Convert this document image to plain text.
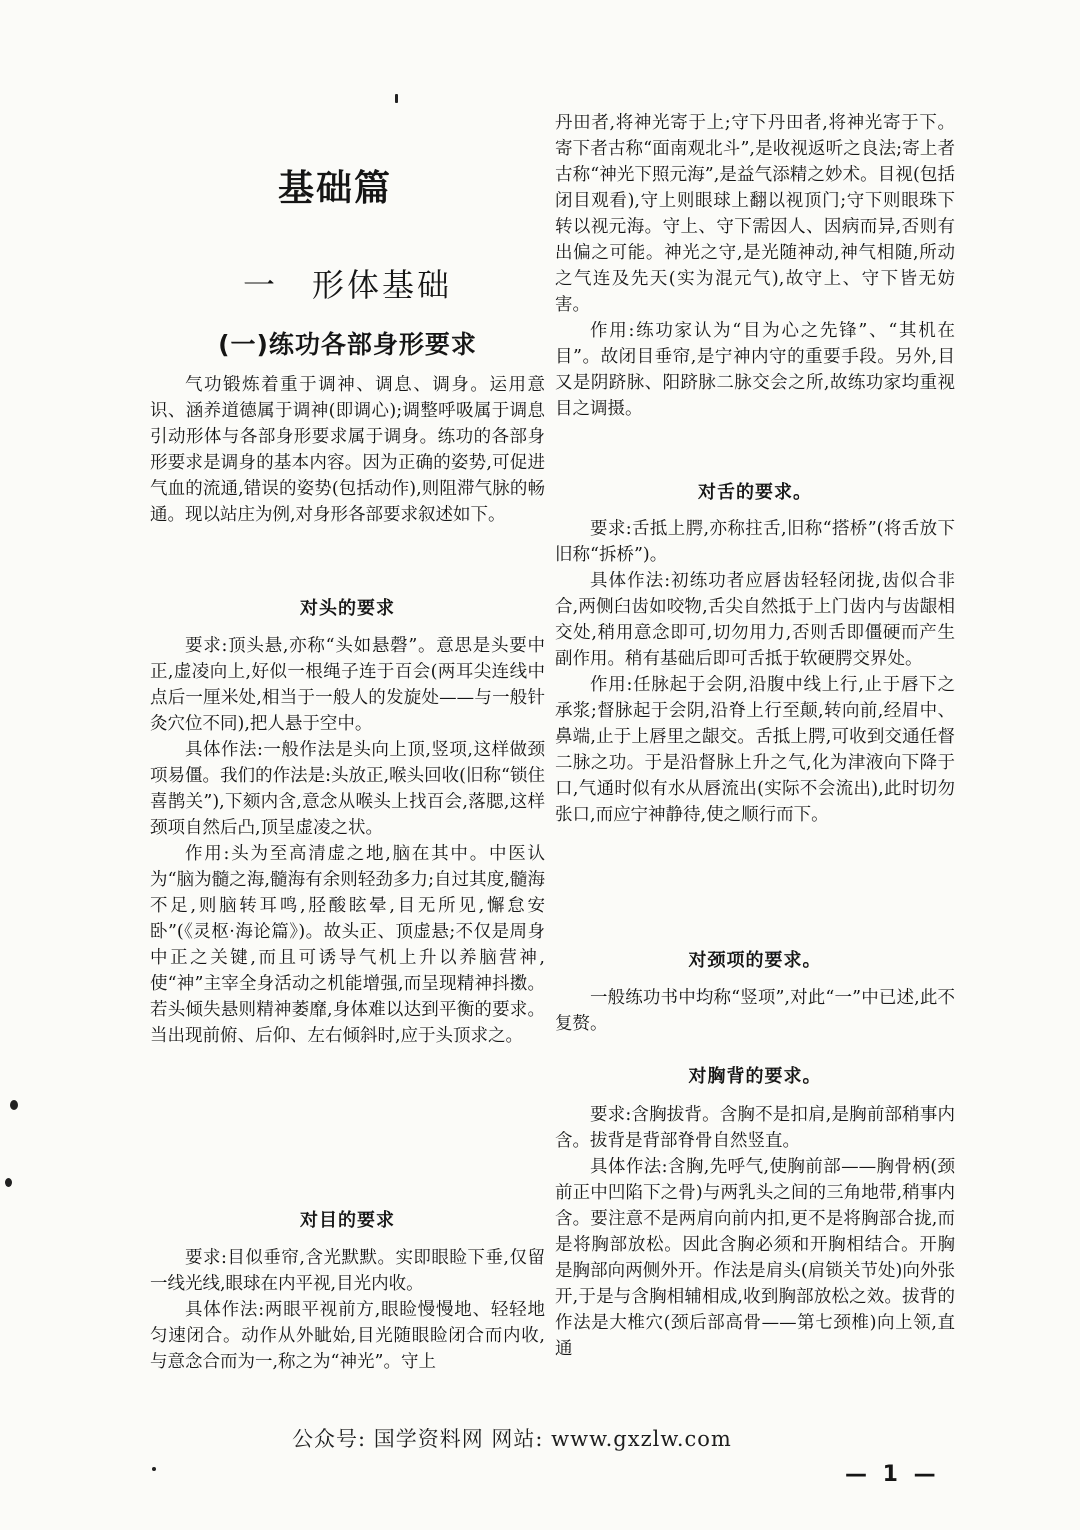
基础篇
一 形体基础
(一)练功各部身形要求

气功锻炼着重于调神、调息、调身。运用意识、涵养道德属于调神(即调心);调整呼吸属于调息引动形体与各部身形要求属于调身。练功的各部身形要求是调身的基本内容。因为正确的姿势,可促进气血的流通,错误的姿势(包括动作),则阻滞气脉的畅通。现以站庄为例,对身形各部要求叙述如下。

对头的要求

要求:顶头悬,亦称“头如悬磬”。意思是头要中正,虚凌向上,好似一根绳子连于百会(两耳尖连线中点后一厘米处,相当于一般人的发旋处——与一般针灸穴位不同),把人悬于空中。

具体作法:一般作法是头向上顶,竖项,这样做颈项易僵。我们的作法是:头放正,喉头回收(旧称“锁住喜鹊关”),下颏内含,意念从喉头上找百会,落腮,这样颈项自然后凸,顶呈虚凌之状。

作用:头为至高清虚之地,脑在其中。中医认为“脑为髓之海,髓海有余则轻劲多力;自过其度,髓海不足,则脑转耳鸣,胫酸眩晕,目无所见,懈怠安卧”(《灵枢·海论篇》)。故头正、顶虚悬;不仅是周身中正之关键,而且可诱导气机上升以养脑营神,使“神”主宰全身活动之机能增强,而呈现精神抖擞。若头倾失悬则精神萎靡,身体难以达到平衡的要求。当出现前俯、后仰、左右倾斜时,应于头顶求之。

对目的要求

要求:目似垂帘,含光默默。实即眼睑下垂,仅留一线光线,眼球在内平视,目光内收。

具体作法:两眼平视前方,眼睑慢慢地、轻轻地匀速闭合。动作从外眦始,目光随眼睑闭合而内收,与意念合而为一,称之为“神光”。守上

丹田者,将神光寄于上;守下丹田者,将神光寄于下。寄下者古称“面南观北斗”,是收视返听之良法;寄上者古称“神光下照元海”,是益气添精之妙术。目视(包括闭目观看),守上则眼球上翻以视顶门;守下则眼珠下转以视元海。守上、守下需因人、因病而异,否则有出偏之可能。神光之守,是光随神动,神气相随,所动之气连及先天(实为混元气),故守上、守下皆无妨害。

作用:练功家认为“目为心之先锋”、“其机在目”。故闭目垂帘,是宁神内守的重要手段。另外,目又是阴跻脉、阳跻脉二脉交会之所,故练功家均重视目之调摄。

对舌的要求。

要求:舌抵上腭,亦称拄舌,旧称“搭桥”(将舌放下旧称“拆桥”)。

具体作法:初练功者应唇齿轻轻闭拢,齿似合非合,两侧臼齿如咬物,舌尖自然抵于上门齿内与齿龈相交处,稍用意念即可,切勿用力,否则舌即僵硬而产生副作用。稍有基础后即可舌抵于软硬腭交界处。

作用:任脉起于会阴,沿腹中线上行,止于唇下之承浆;督脉起于会阴,沿脊上行至颠,转向前,经眉中、鼻端,止于上唇里之龈交。舌抵上腭,可收到交通任督二脉之功。于是沿督脉上升之气,化为津液向下降于口,气通时似有水从唇流出(实际不会流出),此时切勿张口,而应宁神静待,使之顺行而下。

对颈项的要求。

一般练功书中均称“竖项”,对此“一”中已述,此不复赘。

对胸背的要求。

要求:含胸拔背。含胸不是扣肩,是胸前部稍事内含。拔背是背部脊骨自然竖直。

具体作法:含胸,先呼气,使胸前部——胸骨柄(颈前正中凹陷下之骨)与两乳头之间的三角地带,稍事内含。要注意不是两肩向前内扣,更不是将胸部合拢,而是将胸部放松。因此含胸必须和开胸相结合。开胸是胸部向两侧外开。作法是肩头(肩锁关节处)向外张开,于是与含胸相辅相成,收到胸部放松之效。拔背的作法是大椎穴(颈后部高骨——第七颈椎)向上领,直通

— 1 —
公众号: 国学资料网 网站: www.gxzlw.com
